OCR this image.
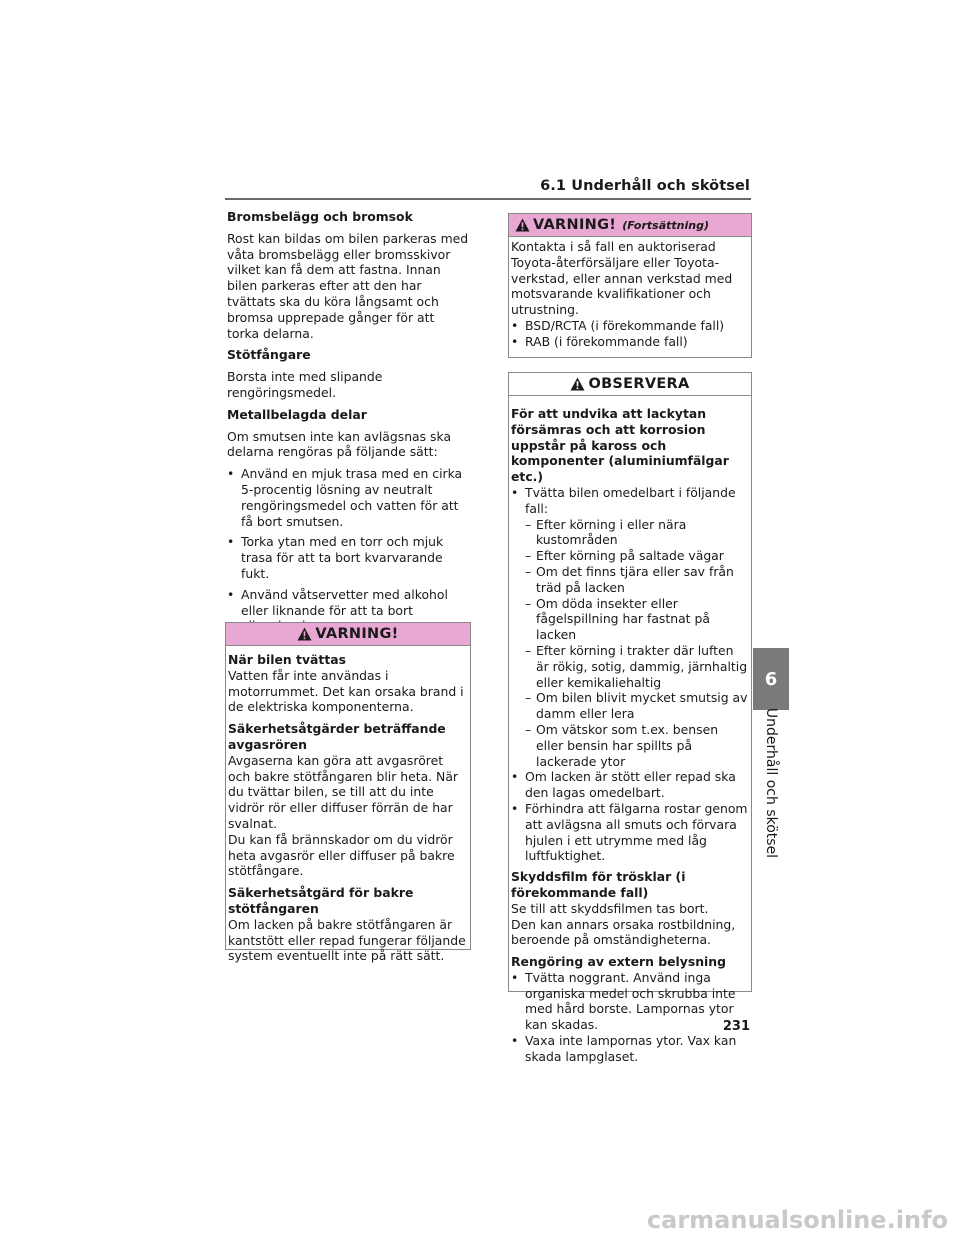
6.1 Underhåll och skötsel
Bromsbelägg och bromsok
Rost kan bildas om bilen parkeras med våta bromsbelägg eller bromsskivor vilket kan få dem att fastna. Innan bilen parkeras efter att den har tvättats ska du köra långsamt och bromsa upprepade gånger för att torka delarna.
Stötfångare
Borsta inte med slipande rengöringsmedel.
Metallbelagda delar
Om smutsen inte kan avlägsnas ska delarna rengöras på följande sätt:
• Använd en mjuk trasa med en cirka 5-procentig lösning av neutralt rengöringsmedel och vatten för att få bort smutsen.
• Torka ytan med en torr och mjuk trasa för att ta bort kvarvarande fukt.
• Använd våtservetter med alkohol eller liknande för att ta bort
VARNING!
När bilen tvättas
Vatten får inte användas i motorrummet. Det kan orsaka brand i de elektriska komponenterna.
Säkerhetsåtgärder beträffande avgasrören
Avgaserna kan göra att avgasröret och bakre stötfångaren blir heta. När du tvättar bilen, se till att du inte vidrör rör eller diffuser förrän de har svalnat.
Du kan få brännskador om du vidrör heta avgasrör eller diffuser på bakre stötfångare.
Säkerhetsåtgärd för bakre stötfångaren
Om lacken på bakre stötfångaren är kantstött eller repad fungerar följande system eventuellt inte på rätt sätt.
VARNING! (Fortsättning)
Kontakta i så fall en auktoriserad Toyota-återförsäljare eller Toyota-verkstad, eller annan verkstad med motsvarande kvalifikationer och utrustning.
• BSD/RCTA (i förekommande fall)
• RAB (i förekommande fall)
OBSERVERA
För att undvika att lackytan försämras och att korrosion uppstår på kaross och komponenter (aluminiumfälgar etc.)
• Tvätta bilen omedelbart i följande fall:
– Efter körning i eller nära kustområden
– Efter körning på saltade vägar
– Om det finns tjära eller sav från träd på lacken
– Om döda insekter eller fågelspillning har fastnat på lacken
– Efter körning i trakter där luften är rökig, sotig, dammig, järnhaltig eller kemikaliehaltig
– Om bilen blivit mycket smutsig av damm eller lera
– Om vätskor som t.ex. bensen eller bensin har spillts på lackerade ytor
• Om lacken är stött eller repad ska den lagas omedelbart.
• Förhindra att fälgarna rostar genom att avlägsna all smuts och förvara hjulen i ett utrymme med låg luftfuktighet.
Skyddsfilm för trösklar (i förekommande fall)
Se till att skyddsfilmen tas bort.
Den kan annars orsaka rostbildning, beroende på omständigheterna.
Rengöring av extern belysning
• Tvätta noggrant. Använd inga organiska medel och skrubba inte med hård borste. Lampornas ytor kan skadas.
• Vaxa inte lampornas ytor. Vax kan skada lampglaset.
6
Underhåll och skötsel
231
carmanualsonline.info
